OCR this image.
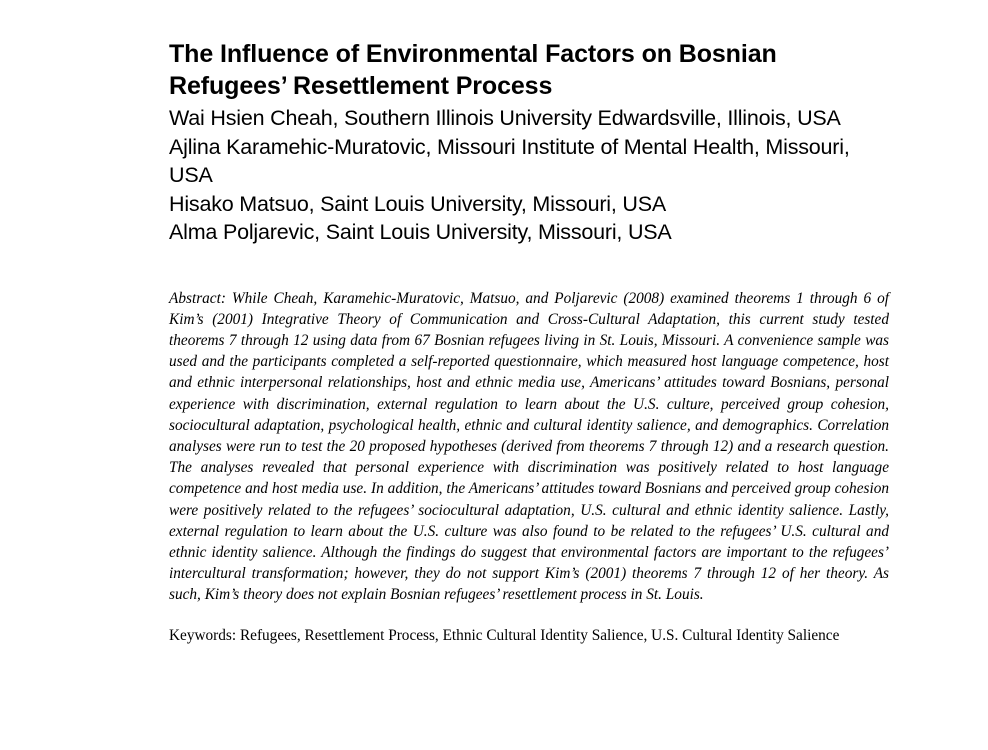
The Influence of Environmental Factors on Bosnian Refugees’ Resettlement Process

Wai Hsien Cheah, Southern Illinois University Edwardsville, Illinois, USA

Ajlina Karamehic-Muratovic, Missouri Institute of Mental Health, Missouri, USA

Hisako Matsuo, Saint Louis University, Missouri, USA

Alma Poljarevic, Saint Louis University, Missouri, USA

Abstract: While Cheah, Karamehic-Muratovic, Matsuo, and Poljarevic (2008) examined theorems 1 through 6 of Kim’s (2001) Integrative Theory of Communication and Cross-Cultural Adaptation, this current study tested theorems 7 through 12 using data from 67 Bosnian refugees living in St. Louis, Missouri. A convenience sample was used and the participants completed a self-reported questionnaire, which measured host language competence, host and ethnic interpersonal relationships, host and ethnic media use, Americans’ attitudes toward Bosnians, personal experience with discrimination, external regulation to learn about the U.S. culture, perceived group cohesion, sociocultural adaptation, psychological health, ethnic and cultural identity salience, and demographics. Correlation analyses were run to test the 20 proposed hypotheses (derived from theorems 7 through 12) and a research question. The analyses revealed that personal experience with discrimination was positively related to host language competence and host media use. In addition, the Americans’ attitudes toward Bosnians and perceived group cohesion were positively related to the refugees’ sociocultural adaptation, U.S. cultural and ethnic identity salience. Lastly, external regulation to learn about the U.S. culture was also found to be related to the refugees’ U.S. cultural and ethnic identity salience. Although the findings do suggest that environmental factors are important to the refugees’ intercultural transformation; however, they do not support Kim’s (2001) theorems 7 through 12 of her theory. As such, Kim’s theory does not explain Bosnian refugees’ resettlement process in St. Louis.

Keywords: Refugees, Resettlement Process, Ethnic Cultural Identity Salience, U.S. Cultural Identity Salience
